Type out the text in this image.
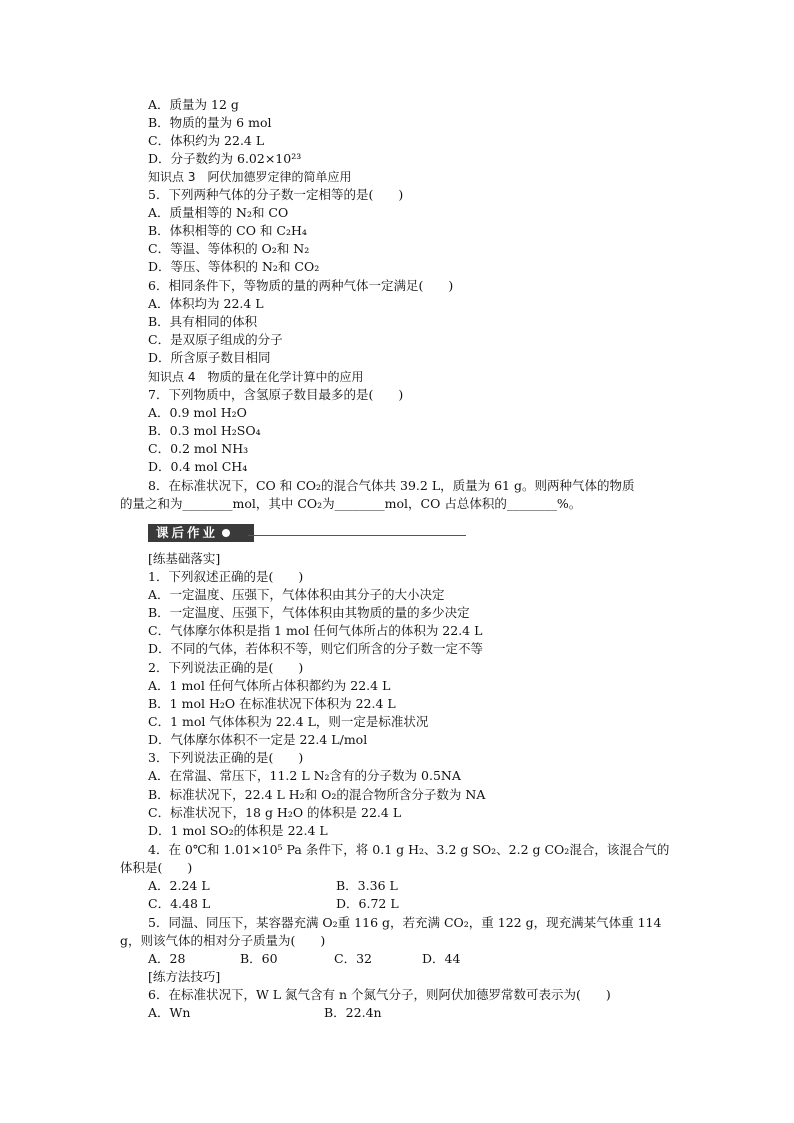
A．质量为 12 g
B．物质的量为 6 mol
C．体积约为 22.4 L
D．分子数约为 6.02×10²³
知识点 3　阿伏加德罗定律的简单应用
5．下列两种气体的分子数一定相等的是(　　)
A．质量相等的 N₂和 CO
B．体积相等的 CO 和 C₂H₄
C．等温、等体积的 O₂和 N₂
D．等压、等体积的 N₂和 CO₂
6．相同条件下，等物质的量的两种气体一定满足(　　)
A．体积均为 22.4 L
B．具有相同的体积
C．是双原子组成的分子
D．所含原子数目相同
知识点 4　物质的量在化学计算中的应用
7．下列物质中，含氢原子数目最多的是(　　)
A．0.9 mol H₂O
B．0.3 mol H₂SO₄
C．0.2 mol NH₃
D．0.4 mol CH₄
8．在标准状况下，CO 和 CO₂的混合气体共 39.2 L，质量为 61 g。则两种气体的物质
的量之和为________mol，其中 CO₂为________mol，CO 占总体积的________%。
课后作业
[练基础落实]
1．下列叙述正确的是(　　)
A．一定温度、压强下，气体体积由其分子的大小决定
B．一定温度、压强下，气体体积由其物质的量的多少决定
C．气体摩尔体积是指 1 mol 任何气体所占的体积为 22.4 L
D．不同的气体，若体积不等，则它们所含的分子数一定不等
2．下列说法正确的是(　　)
A．1 mol 任何气体所占体积都约为 22.4 L
B．1 mol H₂O 在标准状况下体积为 22.4 L
C．1 mol 气体体积为 22.4 L，则一定是标准状况
D．气体摩尔体积不一定是 22.4 L/mol
3．下列说法正确的是(　　)
A．在常温、常压下，11.2 L N₂含有的分子数为 0.5NA
B．标准状况下，22.4 L H₂和 O₂的混合物所含分子数为 NA
C．标准状况下，18 g H₂O 的体积是 22.4 L
D．1 mol SO₂的体积是 22.4 L
4．在 0℃和 1.01×10⁵ Pa 条件下，将 0.1 g H₂、3.2 g SO₂、2.2 g CO₂混合，该混合气的
体积是(　　)
A．2.24 L	B．3.36 L
C．4.48 L	D．6.72 L
5．同温、同压下，某容器充满 O₂重 116 g，若充满 CO₂，重 122 g，现充满某气体重 114
g，则该气体的相对分子质量为(　　)
A．28	B．60	C．32	D．44
[练方法技巧]
6．在标准状况下，W L 氮气含有 n 个氮气分子，则阿伏加德罗常数可表示为(　　)
A．Wn	B．22.4n
